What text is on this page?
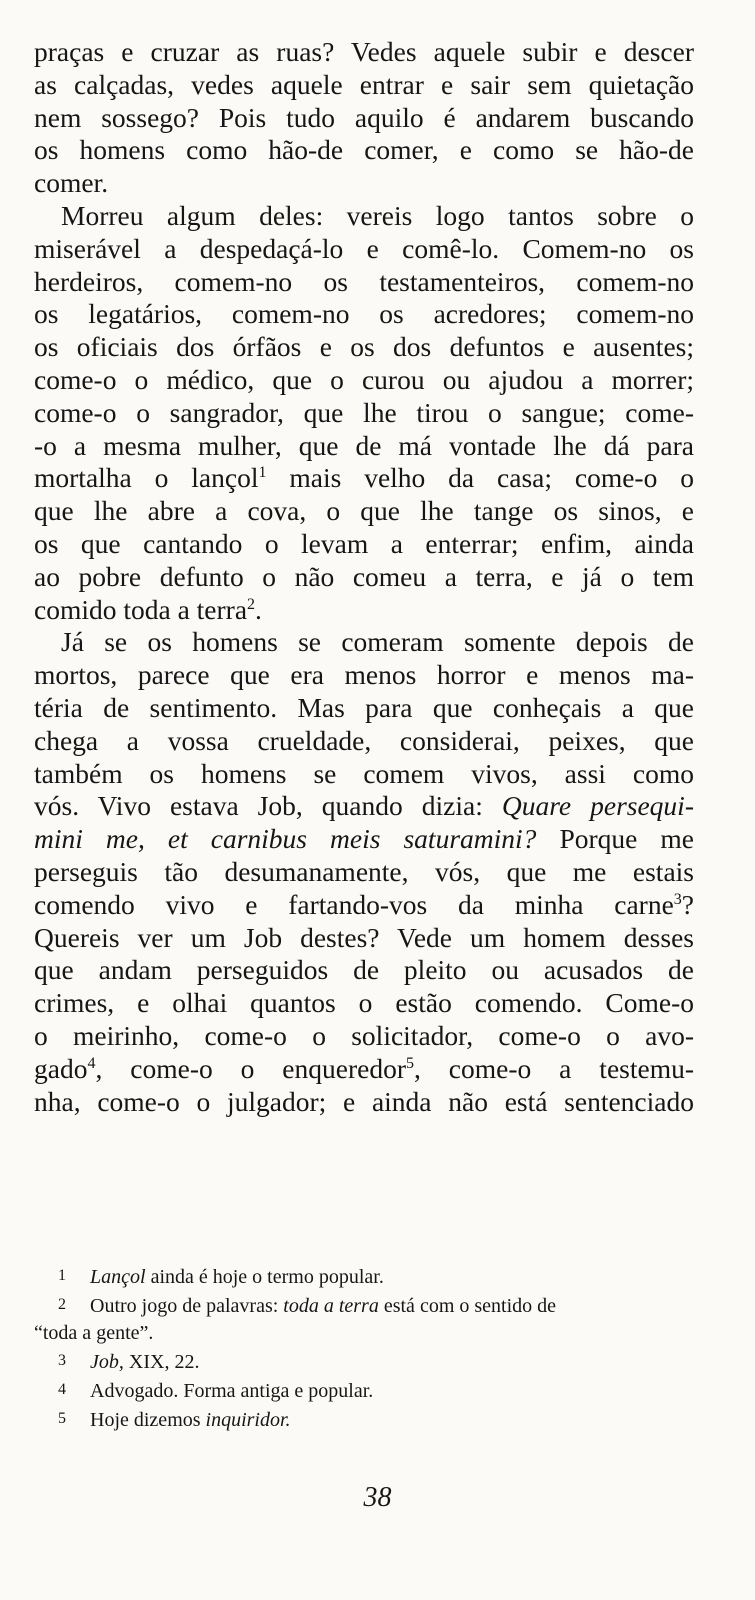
praças e cruzar as ruas? Vedes aquele subir e descer
as calçadas, vedes aquele entrar e sair sem quietação
nem sossego? Pois tudo aquilo é andarem buscando
os homens como hão-de comer, e como se hão-de
comer.
Morreu algum deles: vereis logo tantos sobre o
miserável a despedaçá-lo e comê-lo. Comem-no os
herdeiros, comem-no os testamenteiros, comem-no
os legatários, comem-no os acredores; comem-no
os oficiais dos órfãos e os dos defuntos e ausentes;
come-o o médico, que o curou ou ajudou a morrer;
come-o o sangrador, que lhe tirou o sangue; come-
-o a mesma mulher, que de má vontade lhe dá para
mortalha o lançol$^1$ mais velho da casa; come-o o
que lhe abre a cova, o que lhe tange os sinos, e
os que cantando o levam a enterrar; enfim, ainda
ao pobre defunto o não comeu a terra, e já o tem
comido toda a terra$^2$.
Já se os homens se comeram somente depois de
mortos, parece que era menos horror e menos ma-
téria de sentimento. Mas para que conheçais a que
chega a vossa crueldade, considerai, peixes, que
também os homens se comem vivos, assi como
vós. Vivo estava Job, quando dizia: Quare persequi-
mini me, et carnibus meis saturamini? Porque me
perseguis tão desumanamente, vós, que me estais
comendo vivo e fartando-vos da minha carne$^3$?
Quereis ver um Job destes? Vede um homem desses
que andam perseguidos de pleito ou acusados de
crimes, e olhai quantos o estão comendo. Come-o
o meirinho, come-o o solicitador, come-o o avo-
gado$^4$, come-o o enqueredor$^5$, come-o a testemu-
nha, come-o o julgador; e ainda não está sentenciado
1 Lançol ainda é hoje o termo popular.
2 Outro jogo de palavras: toda a terra está com o sentido de
“toda a gente”.
3 Job, XIX, 22.
4 Advogado. Forma antiga e popular.
5 Hoje dizemos inquiridor.
38
